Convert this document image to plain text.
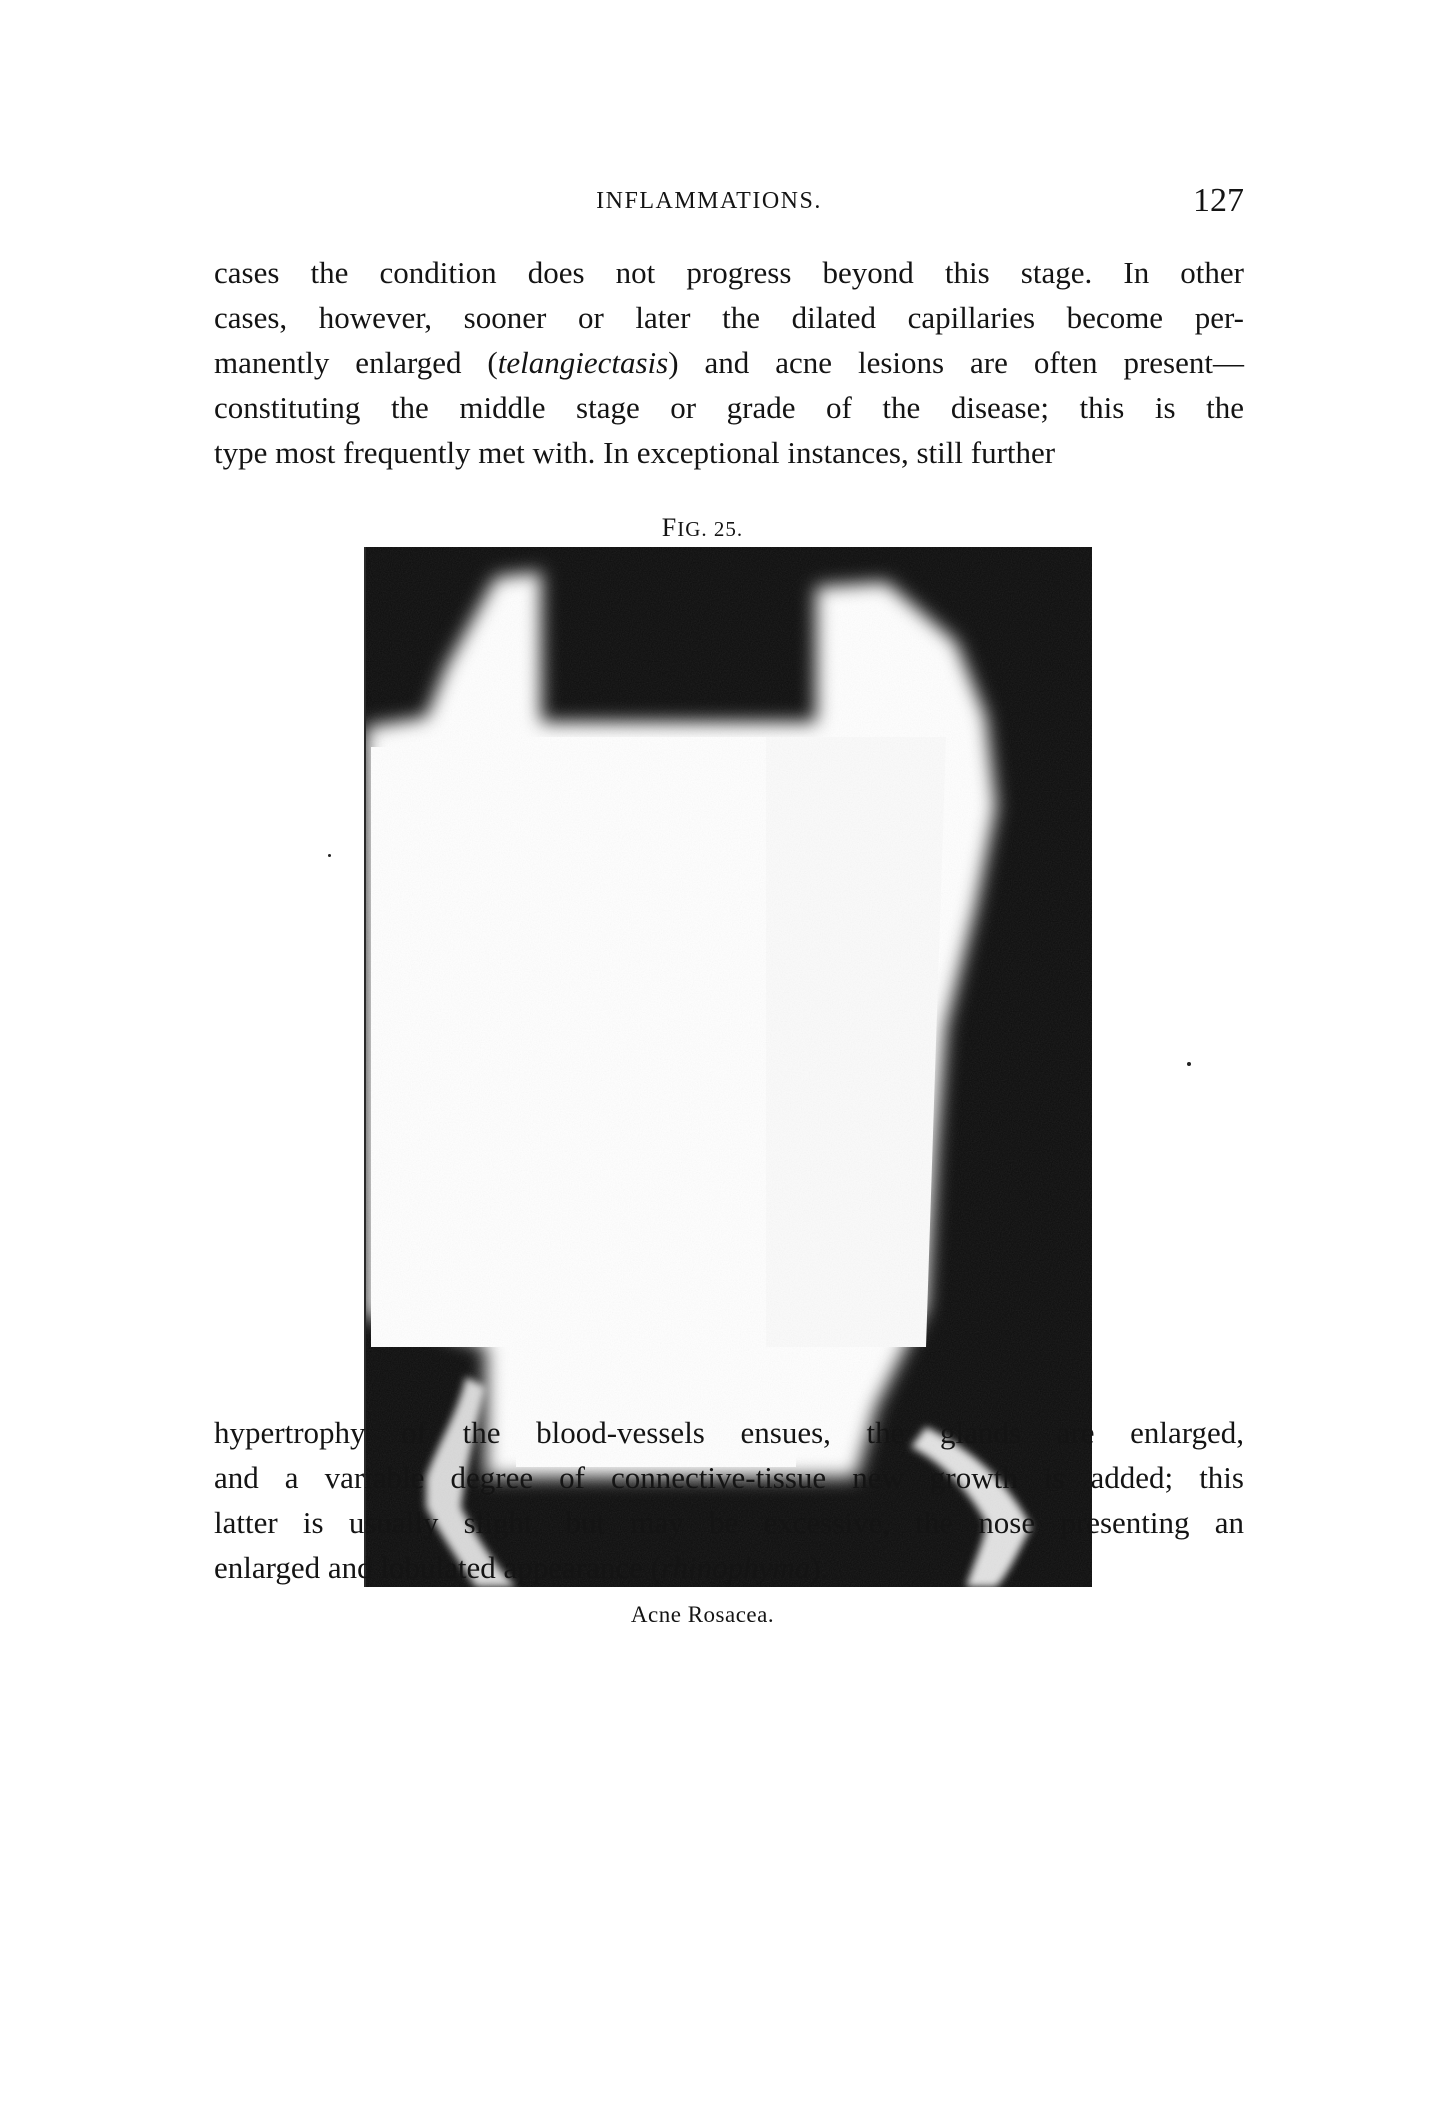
INFLAMMATIONS.	127

cases the condition does not progress beyond this stage. In other
cases, however, sooner or later the dilated capillaries become per-
manently enlarged (telangiectasis) and acne lesions are often present—
constituting the middle stage or grade of the disease; this is the
type most frequently met with. In exceptional instances, still further

FIG. 25.
Acne Rosacea.

hypertrophy of the blood-vessels ensues, the glands are enlarged,
and a variable degree of connective-tissue new growth is added; this
latter is usually slight, but may be excessive, the nose presenting an
enlarged and lobulated appearance (rhinophyma).
